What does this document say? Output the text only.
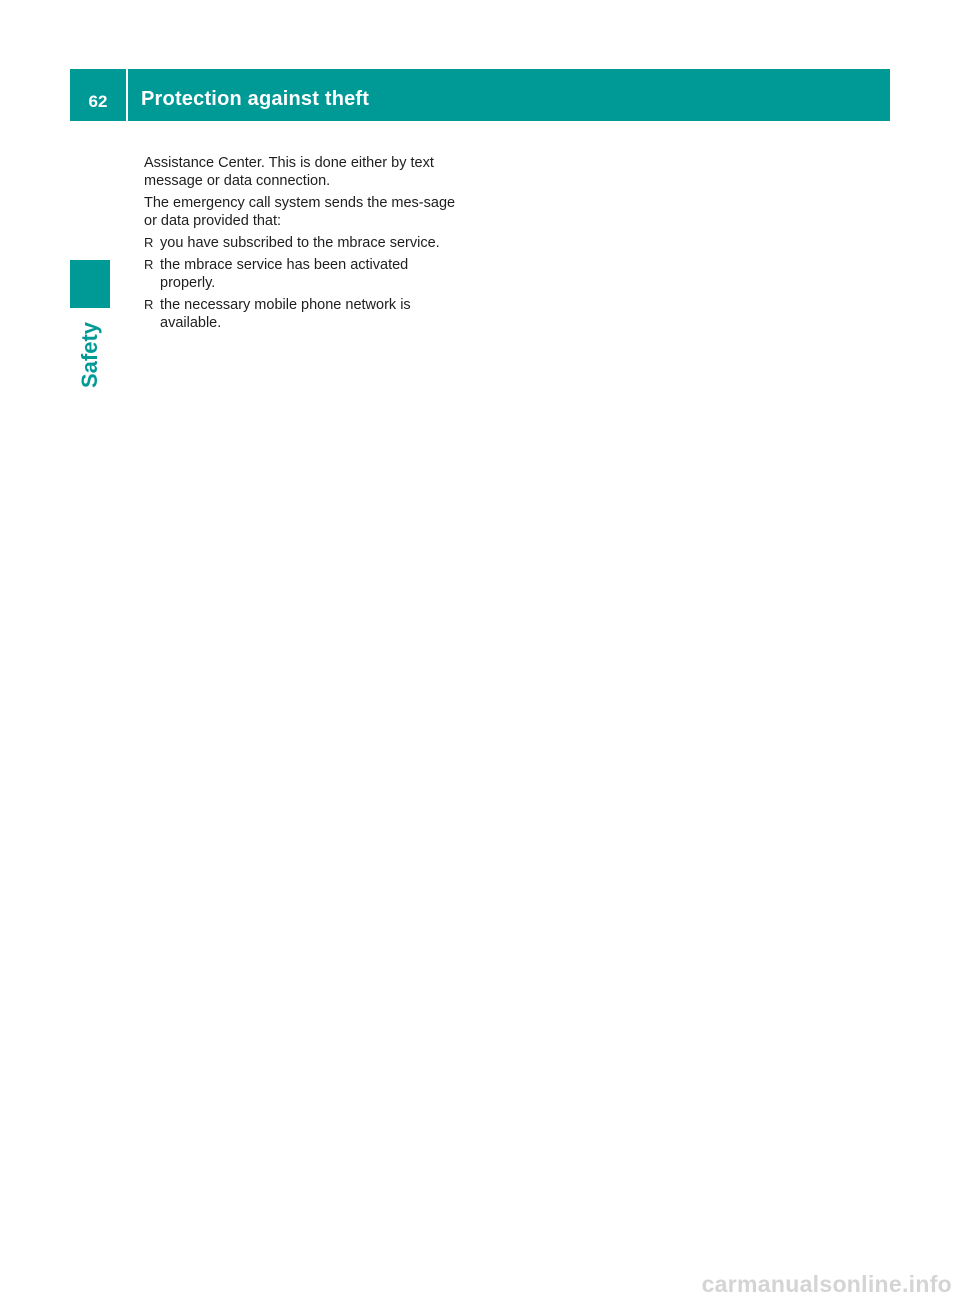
62 Protection against theft
Safety

Assistance Center. This is done either by text message or data connection.

The emergency call system sends the mes-sage or data provided that:

R you have subscribed to the mbrace service.
R the mbrace service has been activated properly.
R the necessary mobile phone network is available.
carmanualsonline.info
